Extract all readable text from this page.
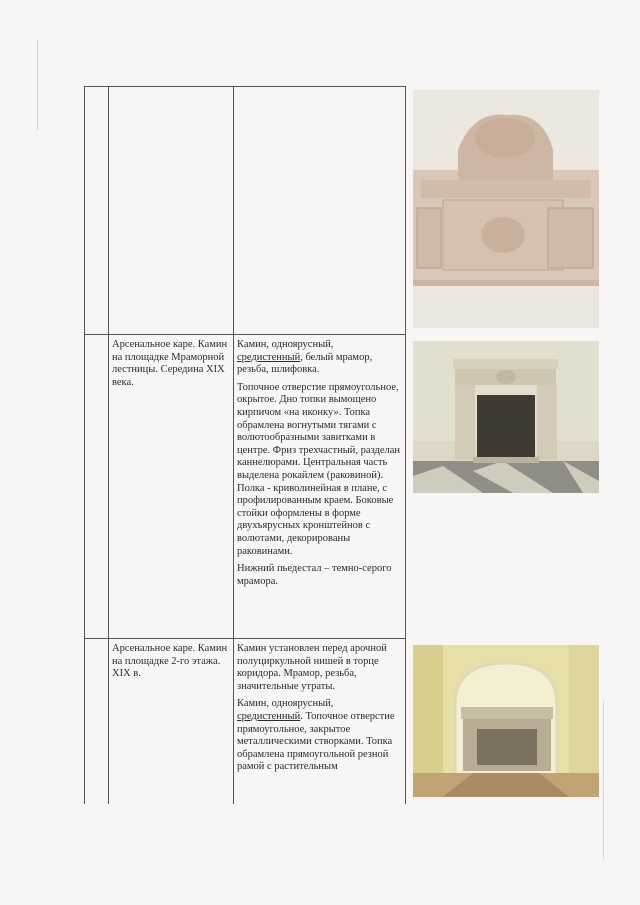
Арсенальное каре. Камин на площадке Мраморной лестницы. Середина XIX века.

Камин, одноярусный, средистенный, белый мрамор, резьба, шлифовка.

Топочное отверстие прямоугольное, окрытое. Дно топки вымощено кирпичом «на иконку». Топка обрамлена вогнутыми тягами с волютообразными завитками в центре. Фриз трехчастный, разделан каннелюрами. Центральная часть выделена рокайлем (раковиной). Полка - криволинейная в плане, с профилированным краем. Боковые стойки оформлены в форме двухъярусных кронштейнов с волютами, декорированы раковинами.

Нижний пьедестал – темно-серого мрамора.

Арсенальное каре. Камин на площадке 2-го этажа. XIX в.

Камин установлен перед арочной полуциркульной нишей в торце коридора. Мрамор, резьба, значительные утраты.

Камин, одноярусный, средистенный. Топочное отверстие прямоугольное, закрытое металлическими створками. Топка обрамлена прямоугольной резной рамой с растительным
